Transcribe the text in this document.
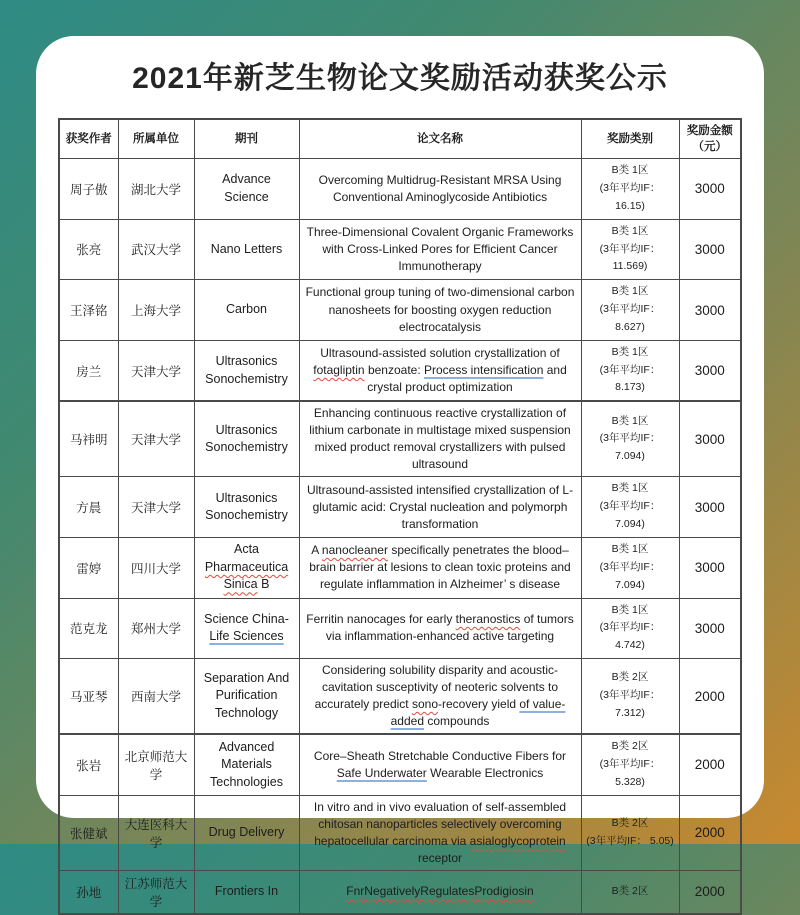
2021年新芝生物论文奖励活动获奖公示
获奖作者	所属单位	期刊	论文名称	奖励类别	奖励金额
（元）

周子傲	湖北大学	Advance Science	Overcoming Multidrug-Resistant MRSA Using Conventional Aminoglycoside Antibiotics	B类 1区
(3年平均IF：16.15)	3000
张亮	武汉大学	Nano Letters	Three-Dimensional Covalent Organic Frameworks with Cross-Linked Pores for Efficient Cancer Immunotherapy	B类 1区
(3年平均IF：
11.569)	3000
王泽铭	上海大学	Carbon	Functional group tuning of two-dimensional carbon nanosheets for boosting oxygen reduction electrocatalysis	B类 1区
(3年平均IF：8.627)	3000
房兰	天津大学	Ultrasonics Sonochemistry	Ultrasound-assisted solution crystallization of fotagliptin benzoate: Process intensification and crystal product optimization	B类 1区
(3年平均IF：8.173)	3000
马祎明	天津大学	Ultrasonics Sonochemistry	Enhancing continuous reactive crystallization of lithium carbonate in multistage mixed suspension mixed product removal crystallizers with pulsed ultrasound	B类 1区
(3年平均IF：7.094)	3000
方晨	天津大学	Ultrasonics Sonochemistry	Ultrasound-assisted intensified crystallization of L-glutamic acid: Crystal nucleation and polymorph transformation	B类 1区
(3年平均IF：7.094)	3000
雷婷	四川大学	Acta Pharmaceutica Sinica B	A nanocleaner specifically penetrates the blood– brain barrier at lesions to clean toxic proteins and regulate inflammation in Alzheimer’ s disease	B类 1区
(3年平均IF：7.094)	3000
范克龙	郑州大学	Science China-Life Sciences	Ferritin nanocages for early theranostics of tumors via inflammation-enhanced active targeting	B类 1区
(3年平均IF：4.742)	3000
马亚琴	西南大学	Separation And Purification Technology	Considering solubility disparity and acoustic-cavitation susceptivity of neoteric solvents to accurately predict sono-recovery yield of value-added compounds	B类 2区
(3年平均IF：7.312)	2000
张岩	北京师范大学	Advanced Materials Technologies	Core–Sheath Stretchable Conductive Fibers for Safe Underwater Wearable Electronics	B类 2区
(3年平均IF：5.328)	2000
张健斌	大连医科大学	Drug Delivery	In vitro and in vivo evaluation of self-assembled chitosan nanoparticles selectively overcoming hepatocellular carcinoma via asialoglycoprotein receptor	B类 2区
(3年平均IF： 5.05)	2000
孙地	江苏师范大学	Frontiers In	FnrNegativelyRegulatesProdigiosin	B类 2区	2000
